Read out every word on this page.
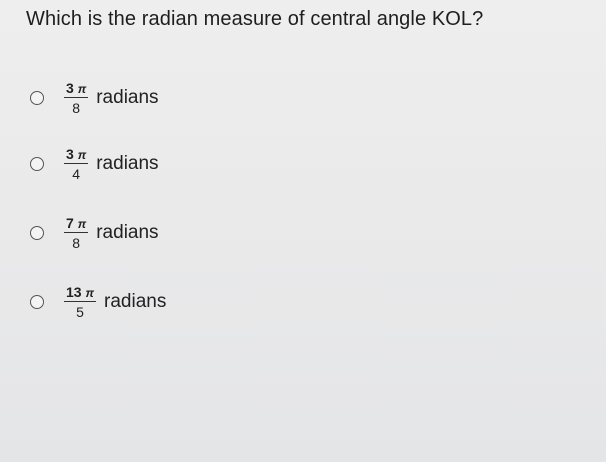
Which is the radian measure of central angle KOL?
$\frac{3 \pi}{8}$ radians
$\frac{3 \pi}{4}$ radians
$\frac{7 \pi}{8}$ radians
$\frac{13 \pi}{5}$ radians
